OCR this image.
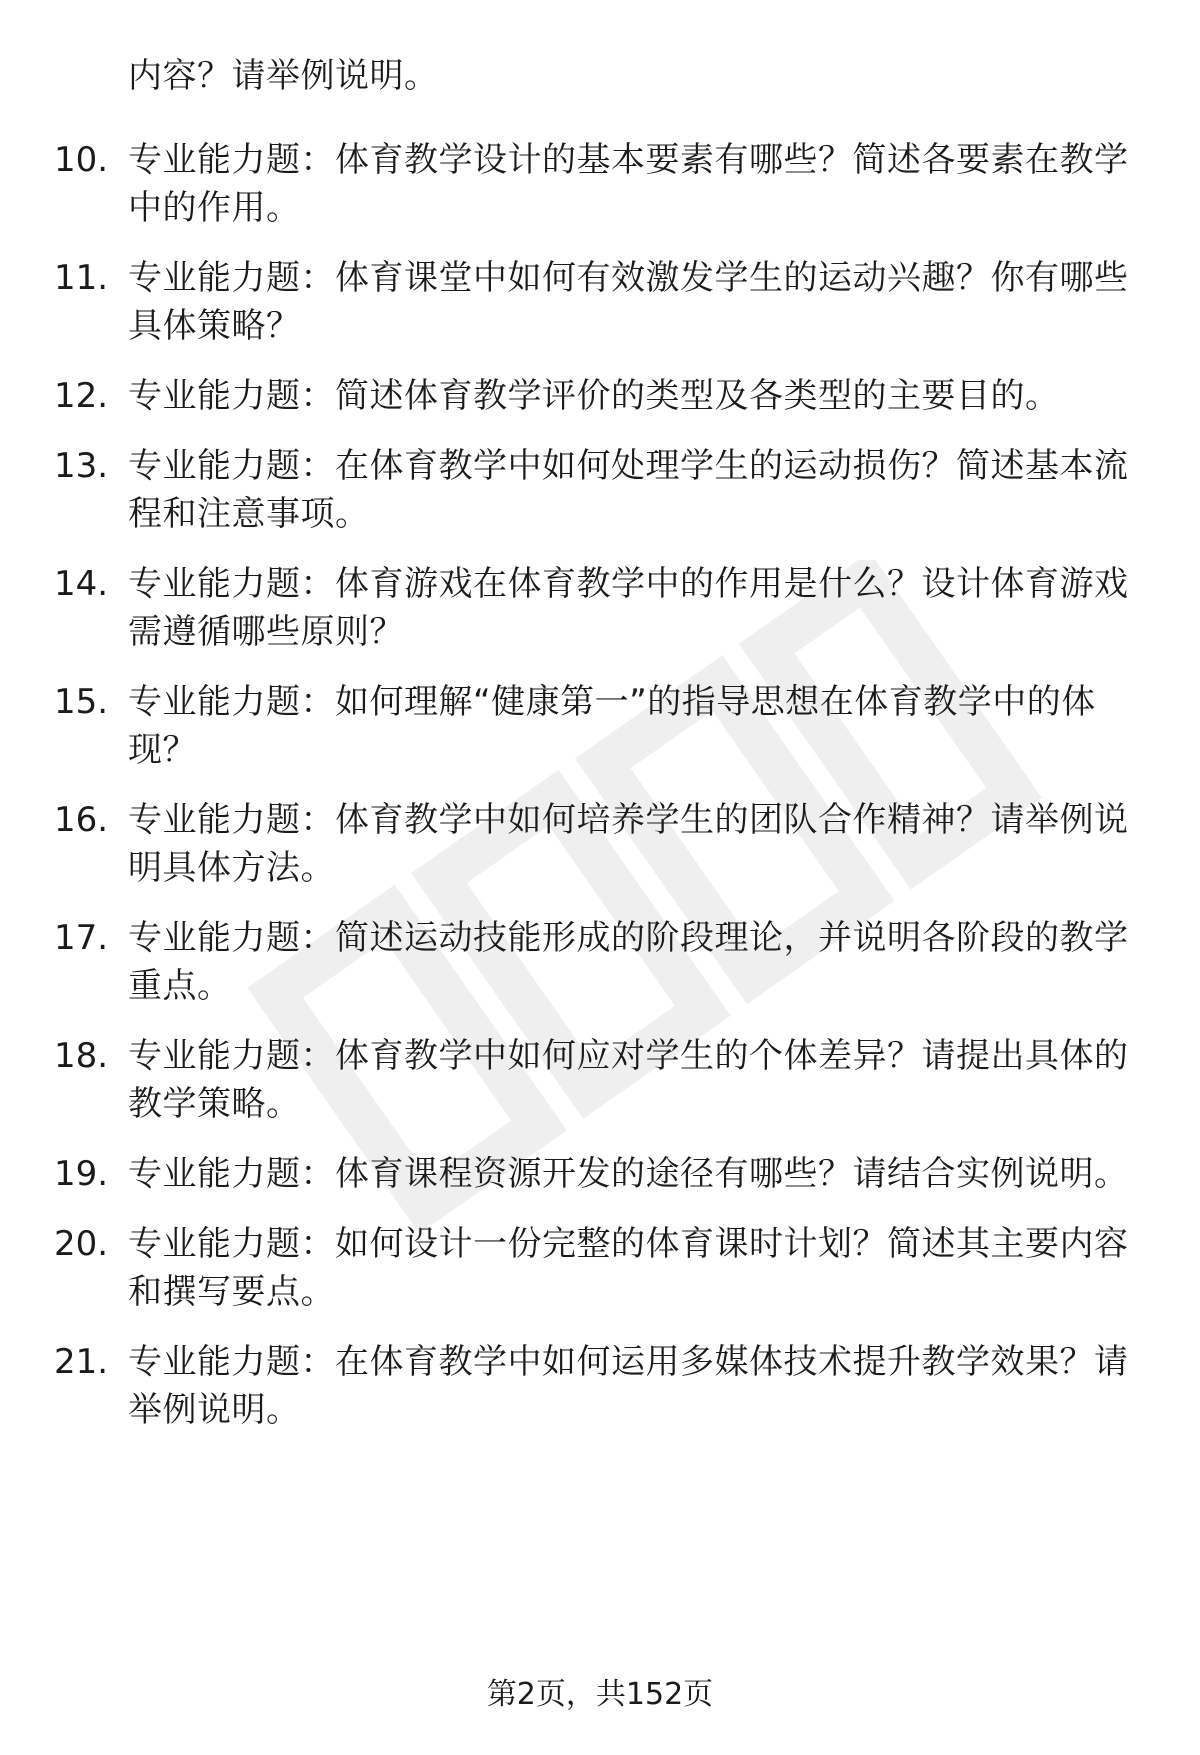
内容？请举例说明。
10. 专业能力题：体育教学设计的基本要素有哪些？简述各要素在教学中的作用。
11. 专业能力题：体育课堂中如何有效激发学生的运动兴趣？你有哪些具体策略？
12. 专业能力题：简述体育教学评价的类型及各类型的主要目的。
13. 专业能力题：在体育教学中如何处理学生的运动损伤？简述基本流程和注意事项。
14. 专业能力题：体育游戏在体育教学中的作用是什么？设计体育游戏需遵循哪些原则？
15. 专业能力题：如何理解“健康第一”的指导思想在体育教学中的体现？
16. 专业能力题：体育教学中如何培养学生的团队合作精神？请举例说明具体方法。
17. 专业能力题：简述运动技能形成的阶段理论，并说明各阶段的教学重点。
18. 专业能力题：体育教学中如何应对学生的个体差异？请提出具体的教学策略。
19. 专业能力题：体育课程资源开发的途径有哪些？请结合实例说明。
20. 专业能力题：如何设计一份完整的体育课时计划？简述其主要内容和撰写要点。
21. 专业能力题：在体育教学中如何运用多媒体技术提升教学效果？请举例说明。
第2页，共152页
